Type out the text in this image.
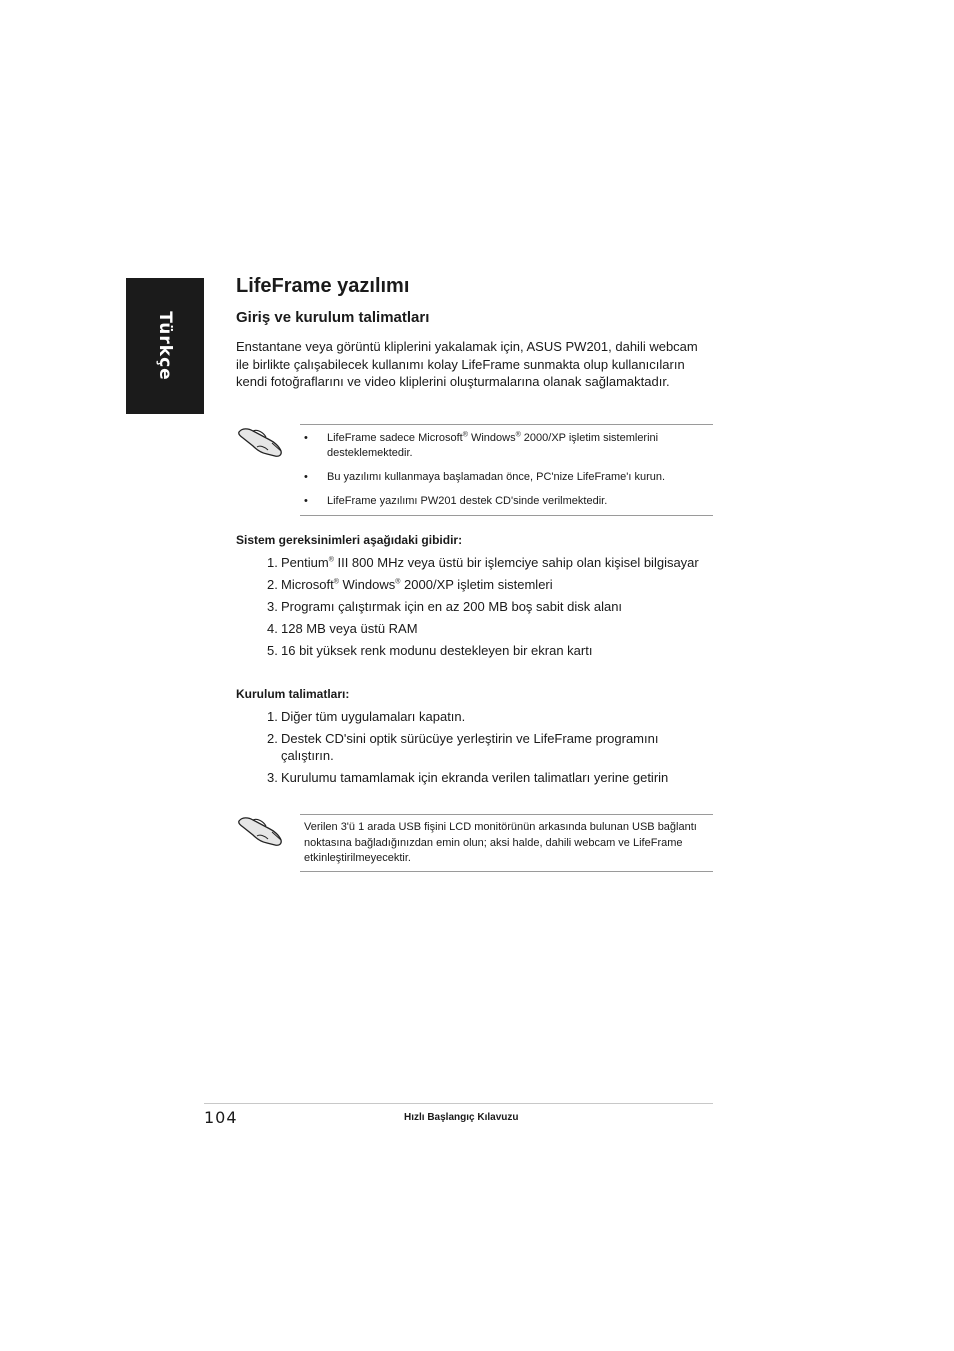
Türkçe
LifeFrame yazılımı
Giriş ve kurulum talimatları

Enstantane veya görüntü kliplerini yakalamak için, ASUS PW201, dahili webcam ile birlikte çalışabilecek kullanımı kolay LifeFrame sunmakta olup kullanıcıların kendi fotoğraflarını ve video kliplerini oluşturmalarına olanak sağlamaktadır.

• LifeFrame sadece Microsoft® Windows® 2000/XP işletim sistemlerini desteklemektedir.
• Bu yazılımı kullanmaya başlamadan önce, PC'nize LifeFrame'ı kurun.
• LifeFrame yazılımı PW201 destek CD'sinde verilmektedir.
Sistem gereksinimleri aşağıdaki gibidir:
1. Pentium® III 800 MHz veya üstü bir işlemciye sahip olan kişisel bilgisayar
2. Microsoft® Windows® 2000/XP işletim sistemleri
3. Programı çalıştırmak için en az 200 MB boş sabit disk alanı
4. 128 MB veya üstü RAM
5. 16 bit yüksek renk modunu destekleyen bir ekran kartı
Kurulum talimatları:
1. Diğer tüm uygulamaları kapatın.
2. Destek CD'sini optik sürücüye yerleştirin ve LifeFrame programını çalıştırın.
3. Kurulumu tamamlamak için ekranda verilen talimatları yerine getirin

Verilen 3'ü 1 arada USB fişini LCD monitörünün arkasında bulunan USB bağlantı noktasına bağladığınızdan emin olun; aksi halde, dahili webcam ve LifeFrame etkinleştirilmeyecektir.

104	Hızlı Başlangıç Kılavuzu
